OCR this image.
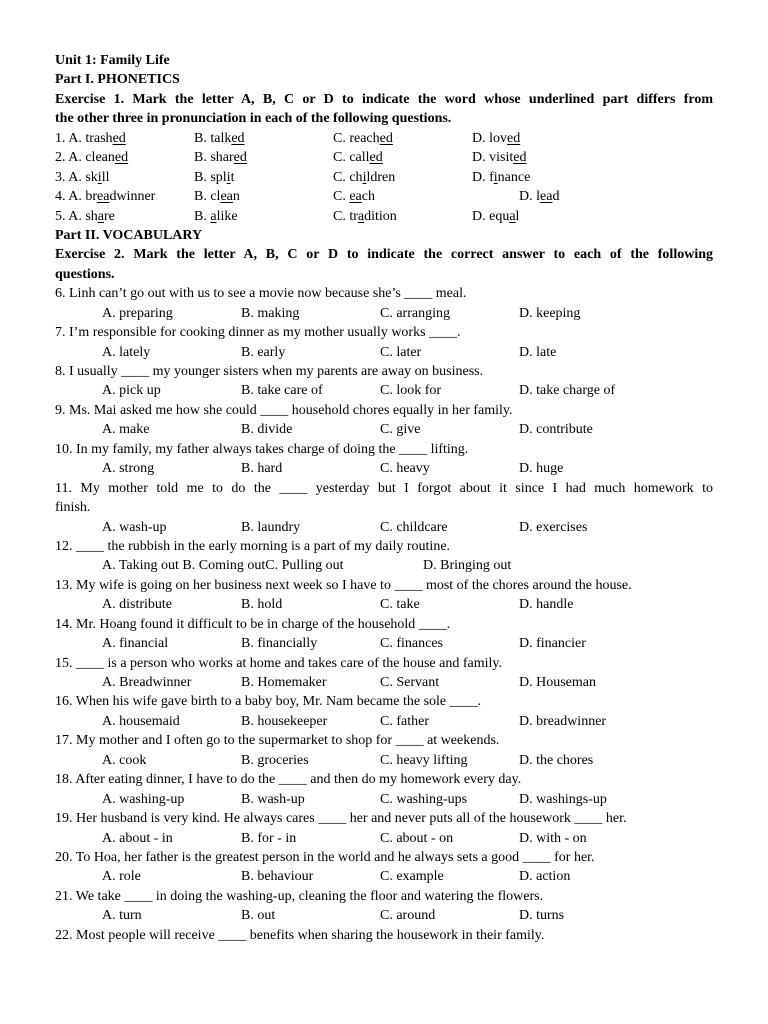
Unit 1: Family Life
Part I. PHONETICS
Exercise 1. Mark the letter A, B, C or D to indicate the word whose underlined part differs from
the other three in pronunciation in each of the following questions.
1. A. trashed	B. talked	C. reached	D. loved
2. A. cleaned	B. shared	C. called	D. visited
3. A. skill	B. split	C. children	D. finance
4. A. breadwinner	B. clean	C. each	D. lead
5. A. share	B. alike	C. tradition	D. equal
Part II. VOCABULARY
Exercise 2. Mark the letter A, B, C or D to indicate the correct answer to each of the following
questions.
6. Linh can’t go out with us to see a movie now because she’s ____ meal.
A. preparing	B. making	C. arranging	D. keeping
7. I’m responsible for cooking dinner as my mother usually works ____.
A. lately	B. early	C. later	D. late
8. I usually ____ my younger sisters when my parents are away on business.
A. pick up	B. take care of	C. look for	D. take charge of
9. Ms. Mai asked me how she could ____ household chores equally in her family.
A. make	B. divide	C. give	D. contribute
10. In my family, my father always takes charge of doing the ____ lifting.
A. strong	B. hard	C. heavy	D. huge
11. My mother told me to do the ____ yesterday but I forgot about it since I had much homework to
finish.
A. wash-up	B. laundry	C. childcare	D. exercises
12. ____ the rubbish in the early morning is a part of my daily routine.
A. Taking out B. Coming outC. Pulling out	D. Bringing out
13. My wife is going on her business next week so I have to ____ most of the chores around the house.
A. distribute	B. hold	C. take	D. handle
14. Mr. Hoang found it difficult to be in charge of the household ____.
A. financial	B. financially	C. finances	D. financier
15. ____ is a person who works at home and takes care of the house and family.
A. Breadwinner	B. Homemaker	C. Servant	D. Houseman
16. When his wife gave birth to a baby boy, Mr. Nam became the sole ____.
A. housemaid	B. housekeeper	C. father	D. breadwinner
17. My mother and I often go to the supermarket to shop for ____ at weekends.
A. cook	B. groceries	C. heavy lifting	D. the chores
18. After eating dinner, I have to do the ____ and then do my homework every day.
A. washing-up	B. wash-up	C. washing-ups	D. washings-up
19. Her husband is very kind. He always cares ____ her and never puts all of the housework ____ her.
A. about - in	B. for - in	C. about - on	D. with - on
20. To Hoa, her father is the greatest person in the world and he always sets a good ____ for her.
A. role	B. behaviour	C. example	D. action
21. We take ____ in doing the washing-up, cleaning the floor and watering the flowers.
A. turn	B. out	C. around	D. turns
22. Most people will receive ____ benefits when sharing the housework in their family.
